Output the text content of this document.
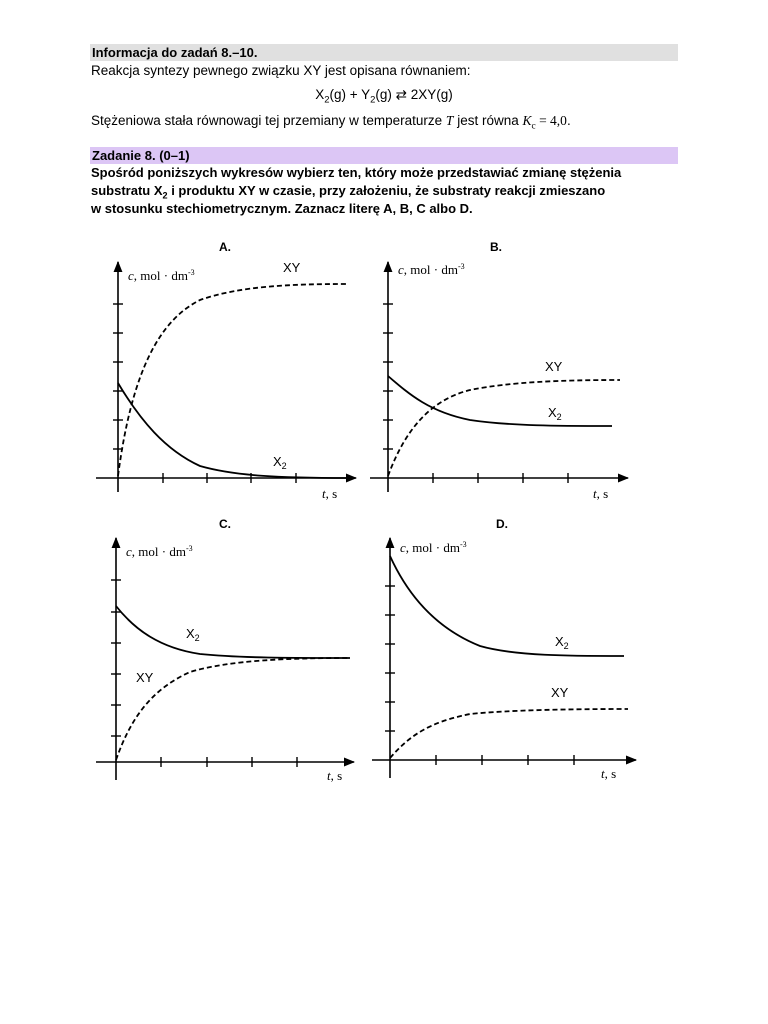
Informacja do zadań 8.–10.
Reakcja syntezy pewnego związku XY jest opisana równaniem:
$X_2(g) + Y_2(g)$ ⇄ 2XY(g)
Stężeniowa stała równowagi tej przemiany w temperaturze T jest równa $K_c = 4,0$.
Zadanie 8. (0–1)
Spośród poniższych wykresów wybierz ten, który może przedstawiać zmianę stężenia
substratu $X_2$ i produktu XY w czasie, przy założeniu, że substraty reakcji zmieszano
w stosunku stechiometrycznym. Zaznacz literę A, B, C albo D.
A.
c, mol · $dm^{-3}$	XY
$X_2$
t, s
B.
c, mol · $dm^{-3}$
XY
$X_2$
t, s
C.
c, mol · $dm^{-3}$
$X_2$
XY
t, s
D.
c, mol · $dm^{-3}$
$X_2$
XY
t, s
